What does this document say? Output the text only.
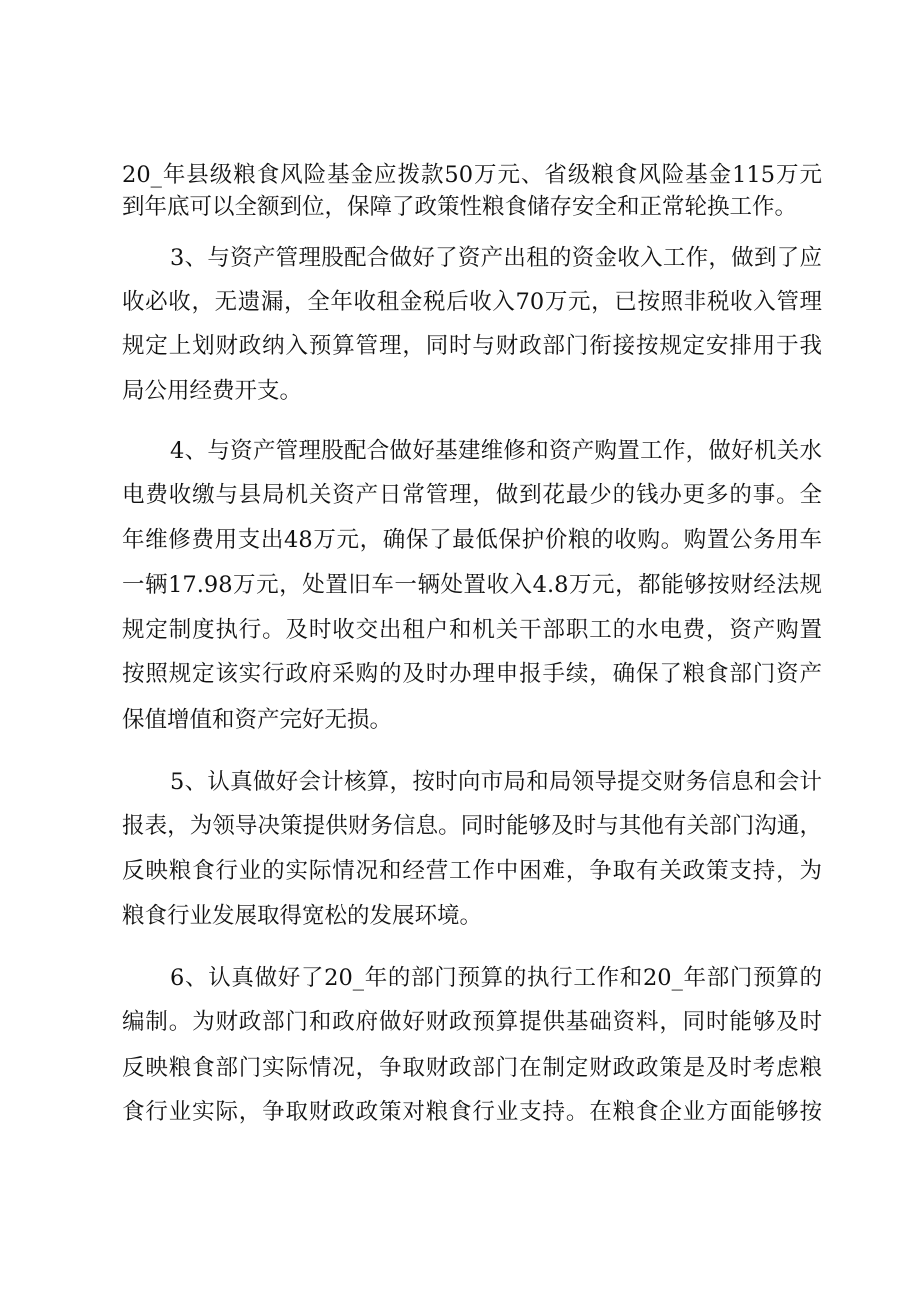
20_年县级粮食风险基金应拨款50万元、省级粮食风险基金115万元
到年底可以全额到位，保障了政策性粮食储存安全和正常轮换工作。
3、与资产管理股配合做好了资产出租的资金收入工作，做到了应
收必收，无遗漏，全年收租金税后收入70万元，已按照非税收入管理
规定上划财政纳入预算管理，同时与财政部门衔接按规定安排用于我
局公用经费开支。
4、与资产管理股配合做好基建维修和资产购置工作，做好机关水
电费收缴与县局机关资产日常管理，做到花最少的钱办更多的事。全
年维修费用支出48万元，确保了最低保护价粮的收购。购置公务用车
一辆17.98万元，处置旧车一辆处置收入4.8万元，都能够按财经法规
规定制度执行。及时收交出租户和机关干部职工的水电费，资产购置
按照规定该实行政府采购的及时办理申报手续，确保了粮食部门资产
保值增值和资产完好无损。
5、认真做好会计核算，按时向市局和局领导提交财务信息和会计
报表，为领导决策提供财务信息。同时能够及时与其他有关部门沟通，
反映粮食行业的实际情况和经营工作中困难，争取有关政策支持，为
粮食行业发展取得宽松的发展环境。
6、认真做好了20_年的部门预算的执行工作和20_年部门预算的
编制。为财政部门和政府做好财政预算提供基础资料，同时能够及时
反映粮食部门实际情况，争取财政部门在制定财政政策是及时考虑粮
食行业实际，争取财政政策对粮食行业支持。在粮食企业方面能够按
